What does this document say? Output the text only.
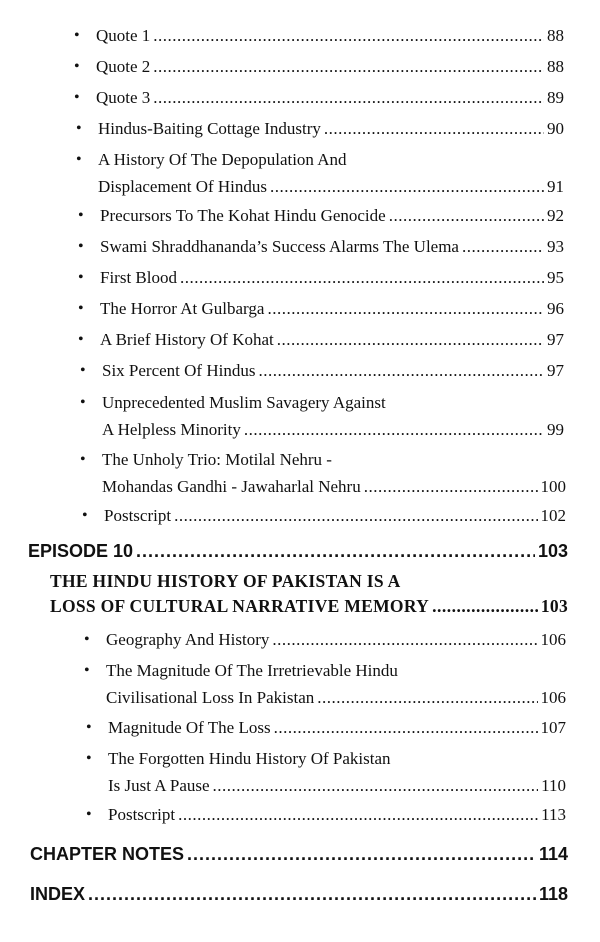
• Quote 1 .....	88
• Quote 2 .....	88
• Quote 3 .....	89
• Hindus-Baiting Cottage Industry .....	90
• A History Of The Depopulation And
Displacement Of Hindus .....	91
• Precursors To The Kohat Hindu Genocide .....	92
• Swami Shraddhananda’s Success Alarms The Ulema .....	93
• First Blood .....	95
• The Horror At Gulbarga .....	96
• A Brief History Of Kohat .....	97
• Six Percent Of Hindus .....	97
• Unprecedented Muslim Savagery Against
A Helpless Minority .....	99
• The Unholy Trio: Motilal Nehru -
Mohandas Gandhi - Jawaharlal Nehru .....	100
• Postscript .....	102
EPISODE 10 .....	103
THE HINDU HISTORY OF PAKISTAN IS A
LOSS OF CULTURAL NARRATIVE MEMORY .....	103
• Geography And History .....	106
• The Magnitude Of The Irretrievable Hindu
Civilisational Loss In Pakistan .....	106
• Magnitude Of The Loss .....	107
• The Forgotten Hindu History Of Pakistan
Is Just A Pause .....	110
• Postscript .....	113
CHAPTER NOTES .....	114
INDEX .....	118
